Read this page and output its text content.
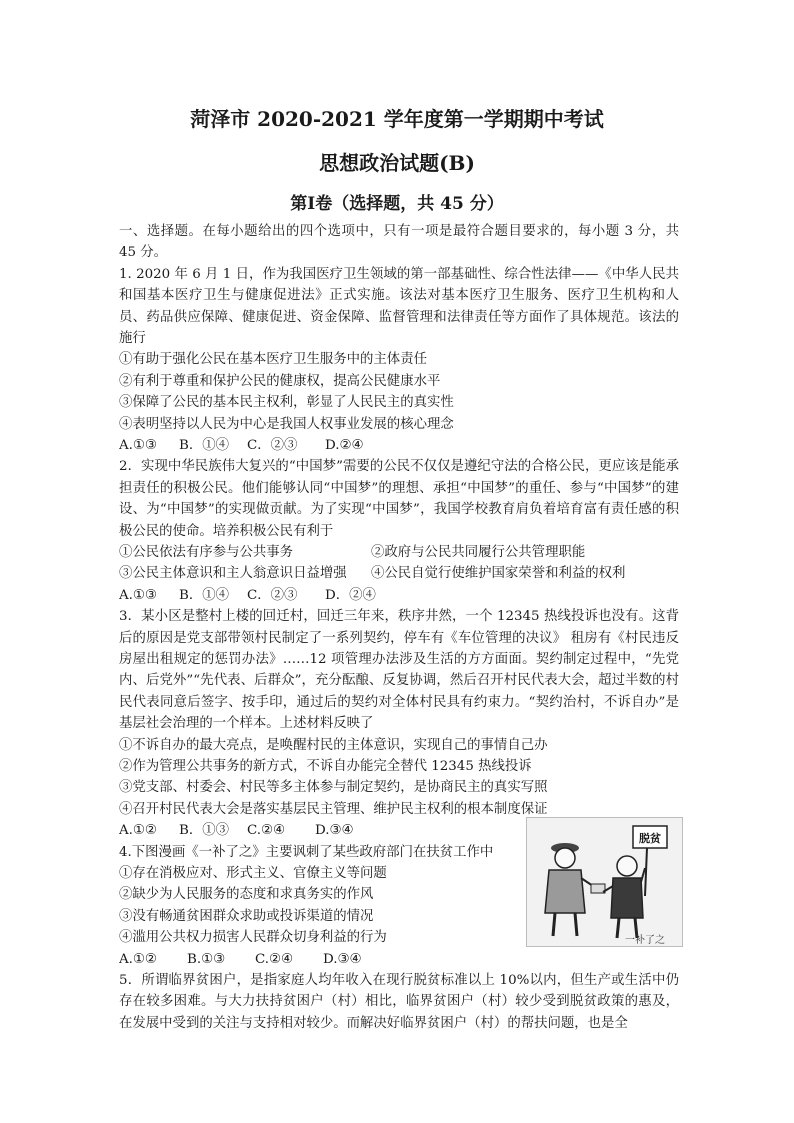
菏泽市 2020-2021 学年度第一学期期中考试
思想政治试题(B)
第Ⅰ卷（选择题，共 45 分）
一、选择题。在每小题给出的四个选项中，只有一项是最符合题目要求的，每小题 3 分，共 45 分。
1. 2020 年 6 月 1 日，作为我国医疗卫生领域的第一部基础性、综合性法律——《中华人民共和国基本医疗卫生与健康促进法》正式实施。该法对基本医疗卫生服务、医疗卫生机构和人员、药品供应保障、健康促进、资金保障、监督管理和法律责任等方面作了具体规范。该法的施行
①有助于强化公民在基本医疗卫生服务中的主体责任
②有利于尊重和保护公民的健康权，提高公民健康水平
③保障了公民的基本民主权利，彰显了人民民主的真实性
④表明坚持以人民为中心是我国人权事业发展的核心理念
A.①③ B．①④ C．②③ D.②④
2．实现中华民族伟大复兴的“中国梦”需要的公民不仅仅是遵纪守法的合格公民，更应该是能承担责任的积极公民。他们能够认同“中国梦”的理想、承担“中国梦”的重任、参与“中国梦”的建设、为“中国梦”的实现做贡献。为了实现“中国梦”，我国学校教育肩负着培育富有责任感的积极公民的使命。培养积极公民有利于
①公民依法有序参与公共事务	②政府与公民共同履行公共管理职能
③公民主体意识和主人翁意识日益增强	④公民自觉行使维护国家荣誉和利益的权利
A.①③ B．①④ C．②③ D．②④
3．某小区是整村上楼的回迁村，回迁三年来，秩序井然，一个 12345 热线投诉也没有。这背后的原因是党支部带领村民制定了一系列契约，停车有《车位管理的决议》 租房有《村民违反房屋出租规定的惩罚办法》……12 项管理办法涉及生活的方方面面。契约制定过程中，“先党内、后党外”“先代表、后群众”，充分酝酿、反复协调，然后召开村民代表大会，超过半数的村民代表同意后签字、按手印，通过后的契约对全体村民具有约束力。“契约治村，不诉自办”是基层社会治理的一个样本。上述材料反映了
①不诉自办的最大亮点，是唤醒村民的主体意识，实现自己的事情自己办
②作为管理公共事务的新方式，不诉自办能完全替代 12345 热线投诉
③党支部、村委会、村民等多主体参与制定契约，是协商民主的真实写照
④召开村民代表大会是落实基层民主管理、维护民主权利的根本制度保证
A.①② B．①③ C.②④ D.③④
4.下图漫画《一补了之》主要讽刺了某些政府部门在扶贫工作中
①存在消极应对、形式主义、官僚主义等问题
②缺少为人民服务的态度和求真务实的作风
③没有畅通贫困群众求助或投诉渠道的情况
④滥用公共权力损害人民群众切身利益的行为
A.①② B.①③ C.②④ D.③④
5．所谓临界贫困户，是指家庭人均年收入在现行脱贫标准以上 10%以内，但生产或生活中仍存在较多困难。与大力扶持贫困户（村）相比，临界贫困户（村）较少受到脱贫政策的惠及，在发展中受到的关注与支持相对较少。而解决好临界贫困户（村）的帮扶问题，也是全
脱贫
一补了之
